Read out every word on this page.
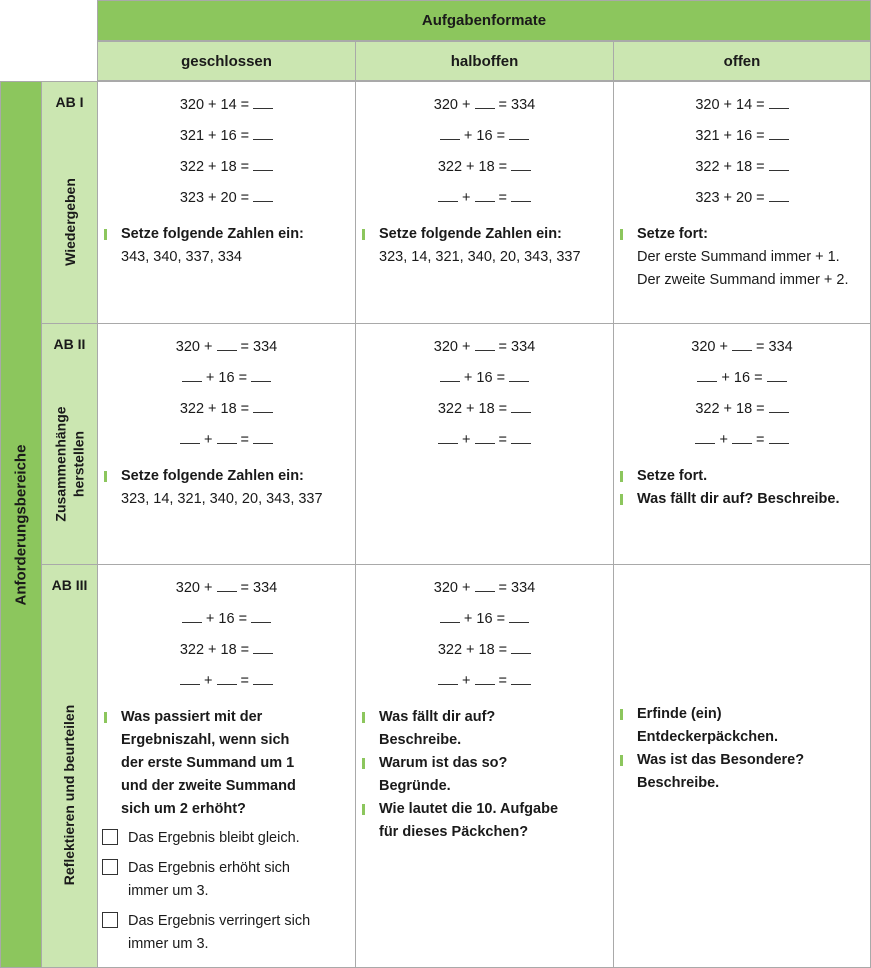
Aufgabenformate
geschlossen	halboffen	offen
Anforderungsbereiche
AB I
Wiedergeben
AB II
Zusammenhänge herstellen
AB III
Reflektieren und beurteilen
320 + 14 =
321 + 16 =
322 + 18 =
323 + 20 =
Setze folgende Zahlen ein:
343, 340, 337, 334
320 +  = 334
+ 16 =
322 + 18 =
+  =
Setze folgende Zahlen ein:
323, 14, 321, 340, 20, 343, 337
320 + 14 =
321 + 16 =
322 + 18 =
323 + 20 =
Setze fort:
Der erste Summand immer + 1.
Der zweite Summand immer + 2.
320 +  = 334
+ 16 =
322 + 18 =
+  =
Setze folgende Zahlen ein:
323, 14, 321, 340, 20, 343, 337
320 +  = 334
+ 16 =
322 + 18 =
+  =
320 +  = 334
+ 16 =
322 + 18 =
+  =
Setze fort.
Was fällt dir auf? Beschreibe.
320 +  = 334
+ 16 =
322 + 18 =
+  =
Was passiert mit der
Ergebniszahl, wenn sich
der erste Summand um 1
und der zweite Summand
sich um 2 erhöht?
Das Ergebnis bleibt gleich.
Das Ergebnis erhöht sich
immer um 3.
Das Ergebnis verringert sich
immer um 3.
320 +  = 334
+ 16 =
322 + 18 =
+  =
Was fällt dir auf?
Beschreibe.
Warum ist das so?
Begründe.
Wie lautet die 10. Aufgabe
für dieses Päckchen?
Erfinde (ein)
Entdeckerpäckchen.
Was ist das Besondere?
Beschreibe.
